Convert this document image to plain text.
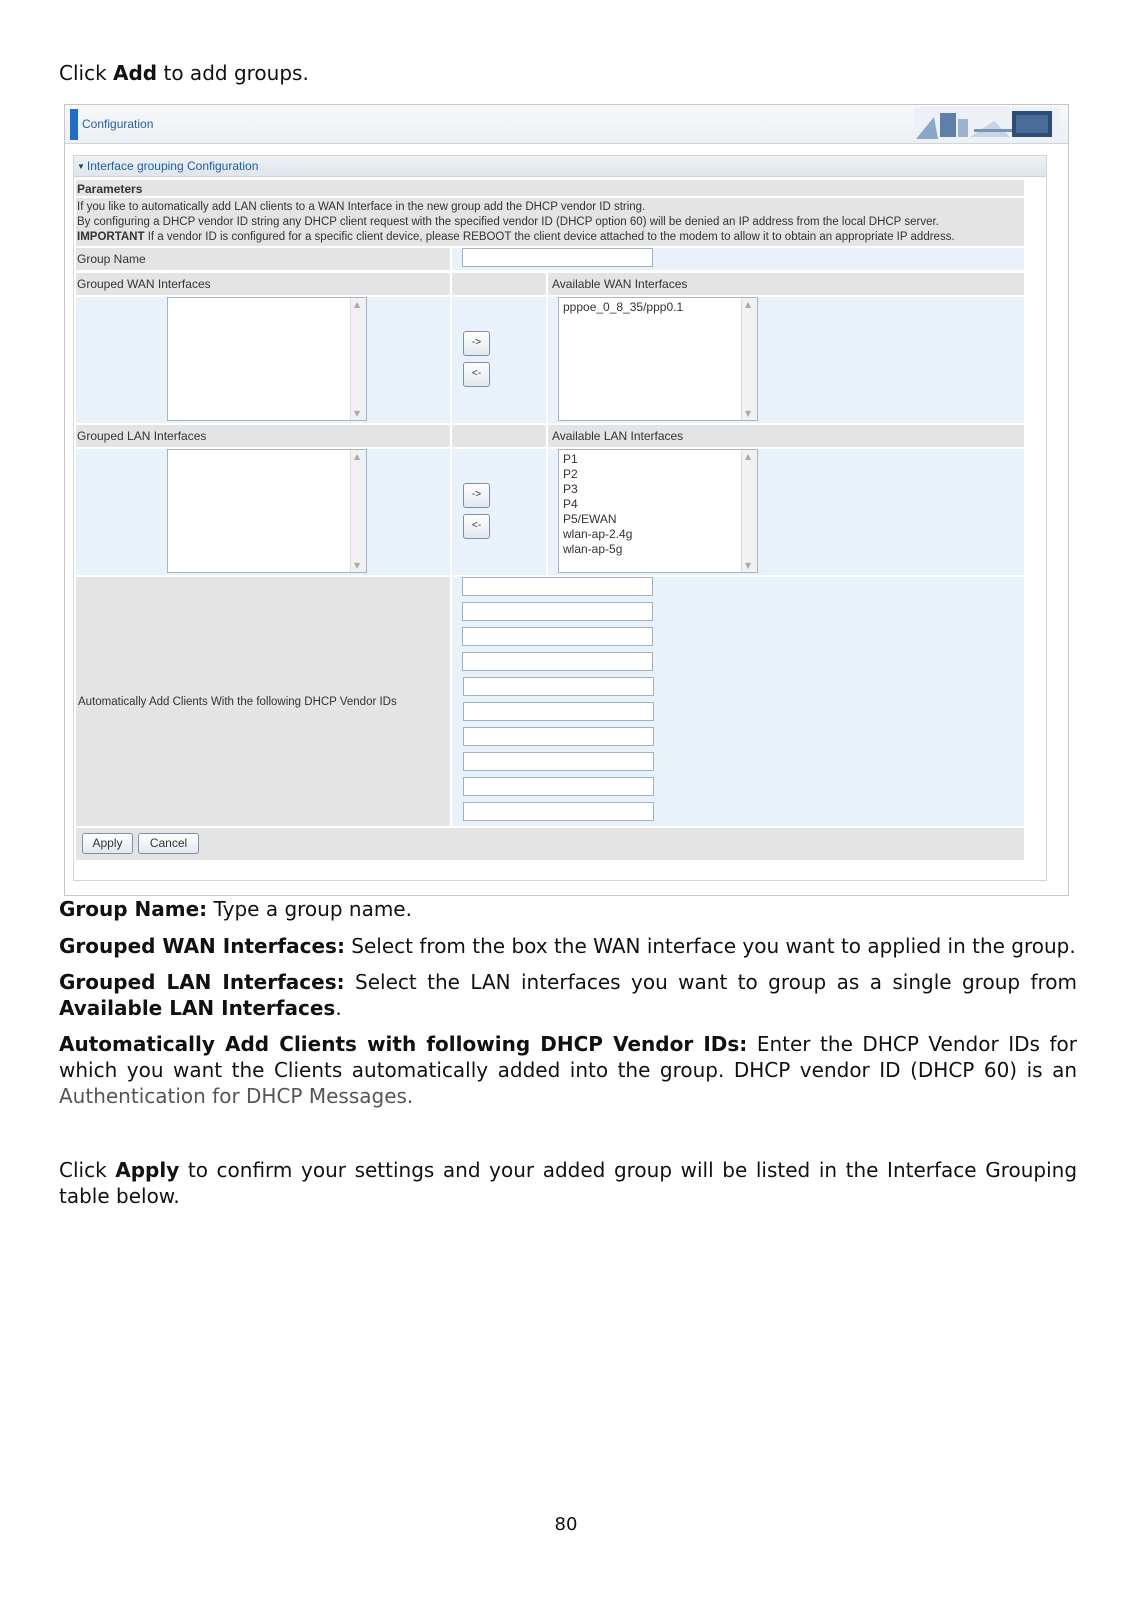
Click Add to add groups.
Configuration
▼ Interface grouping Configuration
Parameters
If you like to automatically add LAN clients to a WAN Interface in the new group add the DHCP vendor ID string.
By configuring a DHCP vendor ID string any DHCP client request with the specified vendor ID (DHCP option 60) will be denied an IP address from the local DHCP server.
IMPORTANT If a vendor ID is configured for a specific client device, please REBOOT the client device attached to the modem to allow it to obtain an appropriate IP address.
Group Name
Grouped WAN Interfaces	Available WAN Interfaces
▲
▼
->
<-
pppoe_0_8_35/ppp0.1	▲
▼
Grouped LAN Interfaces	Available LAN Interfaces
▲
▼
->
<-
P1
P2
P3
P4
P5/EWAN
wlan-ap-2.4g
wlan-ap-5g
▲
▼
Automatically Add Clients With the following DHCP Vendor IDs
Apply	Cancel
Group Name: Type a group name.
Grouped WAN Interfaces: Select from the box the WAN interface you want to applied in the group.
Grouped LAN Interfaces: Select the LAN interfaces you want to group as a single group from Available LAN Interfaces.
Automatically Add Clients with following DHCP Vendor IDs: Enter the DHCP Vendor IDs for which you want the Clients automatically added into the group. DHCP vendor ID (DHCP 60) is an Authentication for DHCP Messages.
Click Apply to confirm your settings and your added group will be listed in the Interface Grouping table below.
80
